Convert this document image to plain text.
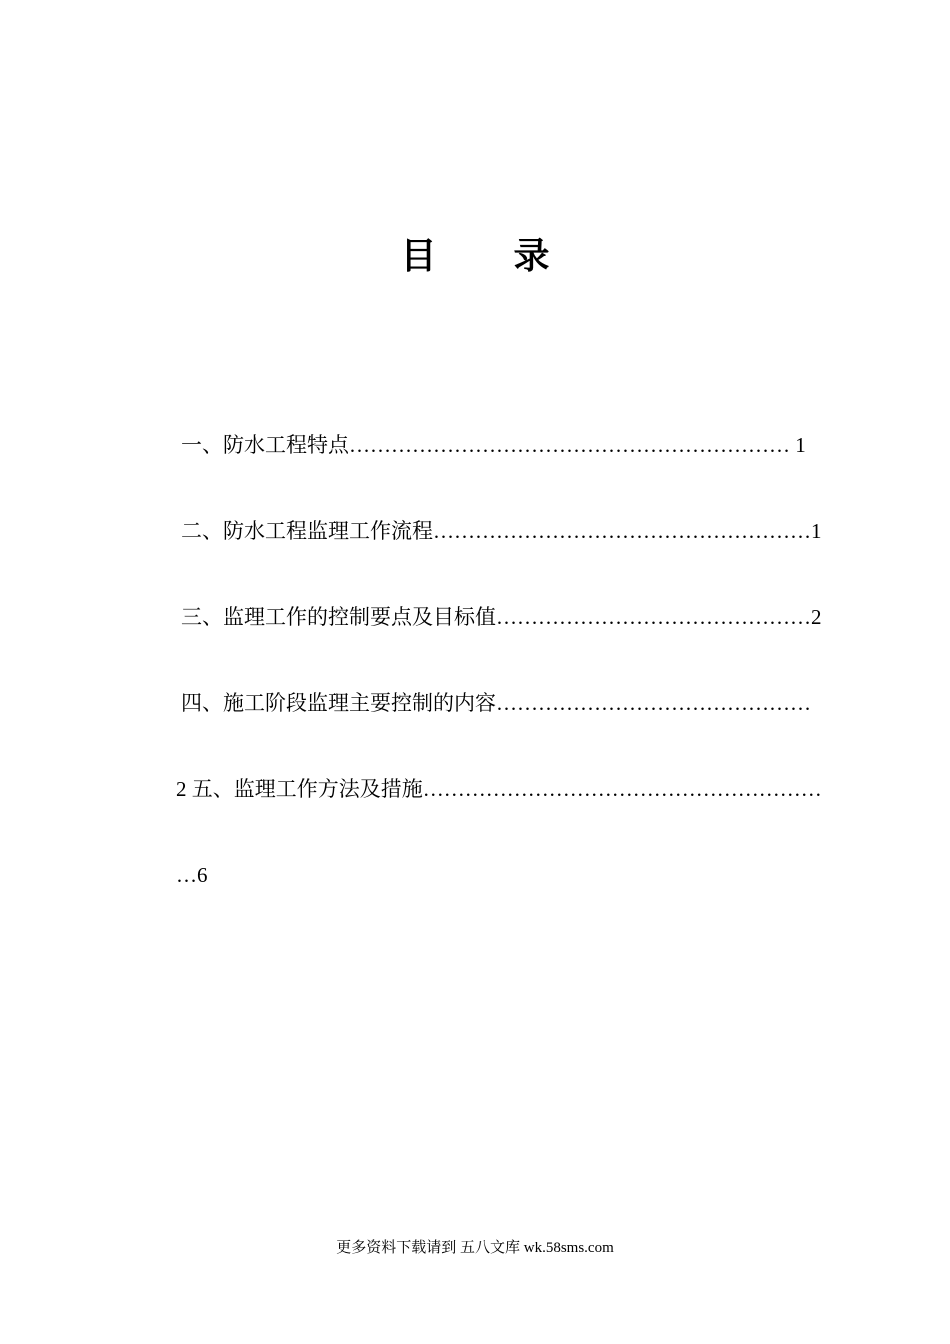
目 录
一、防水工程特点……………………………………………………… 1
二、防水工程监理工作流程………………………………………………1
三、监理工作的控制要点及目标值………………………………………2
四、施工阶段监理主要控制的内容………………………………………
2 五、监理工作方法及措施…………………………………………………
…6
更多资料下载请到 五八文库 wk.58sms.com
